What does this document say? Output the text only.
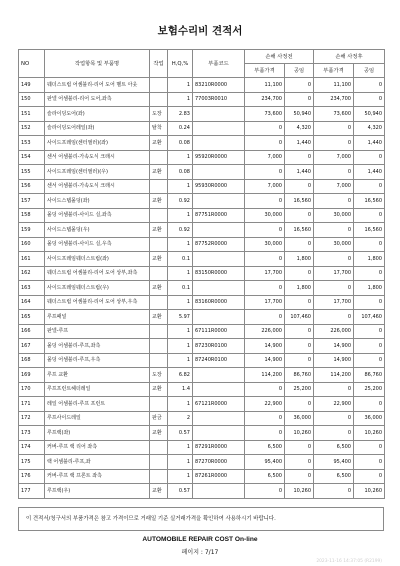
보험수리비 견적서
NO	작업항목 및 부품명	작업	H,Q,%	부품코드	손해 사정전		손해 사정후	
					부품가격	공임	부품가격	공임
149	웨더스트립 어셈블리-리어 도어 벨트 아웃		1	83210R0000	11,100	0	11,100	0
150	판넬 어셈블리-리어 도어,좌측		1	77003R0010	234,700	0	234,700	0
151	슬라이딩도어(좌)	도장	2.83		73,600	50,940	73,600	50,940
152	슬라이딩도어레일(좌)	탈착	0.24		0	4,320	0	4,320
153	사이드프레임(센터필러)(좌)	교환	0.08		0	1,440	0	1,440
154	센서 어셈블리-가속도식 크래시		1	95920R0000	7,000	0	7,000	0
155	사이드프레임(센터필러)(우)	교환	0.08		0	1,440	0	1,440
156	센서 어셈블리-가속도식 크래시		1	95930R0000	7,000	0	7,000	0
157	사이드스텝몰딩(좌)	교환	0.92		0	16,560	0	16,560
158	몰딩 어셈블리-사이드 실,좌측		1	87751R0000	30,000	0	30,000	0
159	사이드스텝몰딩(우)	교환	0.92		0	16,560	0	16,560
160	몰딩 어셈블리-사이드 실,우측		1	87752R0000	30,000	0	30,000	0
161	사이드프레임웨더스트립(좌)	교환	0.1		0	1,800	0	1,800
162	웨더스트립 어셈블리-리어 도어 상부,좌측		1	83150R0000	17,700	0	17,700	0
163	사이드프레임웨더스트립(우)	교환	0.1		0	1,800	0	1,800
164	웨더스트립 어셈블리-리어 도어 상부,우측		1	83160R0000	17,700	0	17,700	0
165	루프패널	교환	5.97		0	107,460	0	107,460
166	판넬-루프		1	67111R0000	226,000	0	226,000	0
167	몰딩 어셈블리-루프,좌측		1	87230R0100	14,900	0	14,900	0
168	몰딩 어셈블리-루프,우측		1	87240R0100	14,900	0	14,900	0
169	루프 교환	도장	6.82		114,200	86,760	114,200	86,760
170	루프프런트헤더레일	교환	1.4		0	25,200	0	25,200
171	레일 어셈블리-루프 프런트		1	67121R0000	22,900	0	22,900	0
172	루프사이드레일	판금	2		0	36,000	0	36,000
173	루프랙(좌)	교환	0.57		0	10,260	0	10,260
174	커버-루프 랙 리어 좌측		1	87291R0000	6,500	0	6,500	0
175	랙 어셈블리-루프,좌		1	87270R0000	95,400	0	95,400	0
176	커버-루프 랙 프론트 좌측		1	87261R0000	6,500	0	6,500	0
177	루프랙(우)	교환	0.57		0	10,260	0	10,260
이 견적서/청구서의 부품가격은 참고 가격이므로 거래일 기준 실거래가격을 확인하여 사용하시기 바랍니다.
AUTOMOBILE REPAIR COST On-line
페이지 : 7/17
2023-11-16 14:37:05 (R2199)
